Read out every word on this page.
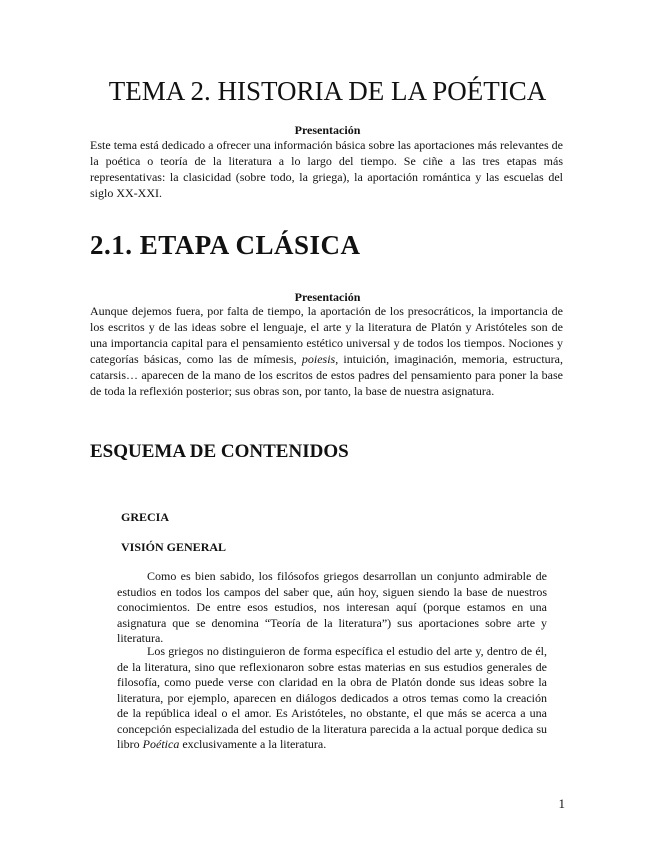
TEMA 2. HISTORIA DE LA POÉTICA
Presentación

Este tema está dedicado a ofrecer una información básica sobre las aportaciones más relevantes de la poética o teoría de la literatura a lo largo del tiempo. Se ciñe a las tres etapas más representativas: la clasicidad (sobre todo, la griega), la aportación romántica y las escuelas del siglo XX-XXI.

2.1. ETAPA CLÁSICA
Presentación

Aunque dejemos fuera, por falta de tiempo, la aportación de los presocráticos, la importancia de los escritos y de las ideas sobre el lenguaje, el arte y la literatura de Platón y Aristóteles son de una importancia capital para el pensamiento estético universal y de todos los tiempos. Nociones y categorías básicas, como las de mímesis, poiesis, intuición, imaginación, memoria, estructura, catarsis… aparecen de la mano de los escritos de estos padres del pensamiento para poner la base de toda la reflexión posterior; sus obras son, por tanto, la base de nuestra asignatura.

ESQUEMA DE CONTENIDOS
GRECIA
VISIÓN GENERAL

Como es bien sabido, los filósofos griegos desarrollan un conjunto admirable de estudios en todos los campos del saber que, aún hoy, siguen siendo la base de nuestros conocimientos. De entre esos estudios, nos interesan aquí (porque estamos en una asignatura que se denomina “Teoría de la literatura”) sus aportaciones sobre arte y literatura.

Los griegos no distinguieron de forma específica el estudio del arte y, dentro de él, de la literatura, sino que reflexionaron sobre estas materias en sus estudios generales de filosofía, como puede verse con claridad en la obra de Platón donde sus ideas sobre la literatura, por ejemplo, aparecen en diálogos dedicados a otros temas como la creación de la república ideal o el amor. Es Aristóteles, no obstante, el que más se acerca a una concepción especializada del estudio de la literatura parecida a la actual porque dedica su libro Poética exclusivamente a la literatura.

1
